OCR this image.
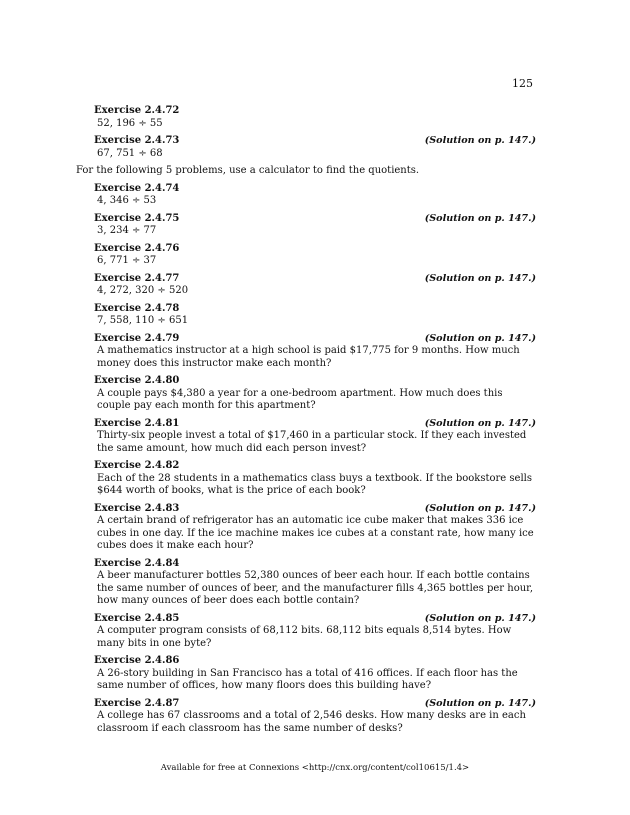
125

Exercise 2.4.72

52, 196 ÷ 55

Exercise 2.4.73	(Solution on p. 147.)

67, 751 ÷ 68

For the following 5 problems, use a calculator to find the quotients.

Exercise 2.4.74

4, 346 ÷ 53

Exercise 2.4.75	(Solution on p. 147.)

3, 234 ÷ 77

Exercise 2.4.76

6, 771 ÷ 37

Exercise 2.4.77	(Solution on p. 147.)

4, 272, 320 ÷ 520

Exercise 2.4.78

7, 558, 110 ÷ 651

Exercise 2.4.79	(Solution on p. 147.)

A mathematics instructor at a high school is paid $17,775 for 9 months. How much money does this instructor make each month?

Exercise 2.4.80

A couple pays $4,380 a year for a one-bedroom apartment. How much does this couple pay each month for this apartment?

Exercise 2.4.81	(Solution on p. 147.)

Thirty-six people invest a total of $17,460 in a particular stock. If they each invested the same amount, how much did each person invest?

Exercise 2.4.82

Each of the 28 students in a mathematics class buys a textbook. If the bookstore sells $644 worth of books, what is the price of each book?

Exercise 2.4.83	(Solution on p. 147.)

A certain brand of refrigerator has an automatic ice cube maker that makes 336 ice cubes in one day. If the ice machine makes ice cubes at a constant rate, how many ice cubes does it make each hour?

Exercise 2.4.84

A beer manufacturer bottles 52,380 ounces of beer each hour. If each bottle contains the same number of ounces of beer, and the manufacturer fills 4,365 bottles per hour, how many ounces of beer does each bottle contain?

Exercise 2.4.85	(Solution on p. 147.)

A computer program consists of 68,112 bits. 68,112 bits equals 8,514 bytes. How many bits in one byte?

Exercise 2.4.86

A 26-story building in San Francisco has a total of 416 offices. If each floor has the same number of offices, how many floors does this building have?

Exercise 2.4.87	(Solution on p. 147.)

A college has 67 classrooms and a total of 2,546 desks. How many desks are in each classroom if each classroom has the same number of desks?

Available for free at Connexions <http://cnx.org/content/col10615/1.4>
